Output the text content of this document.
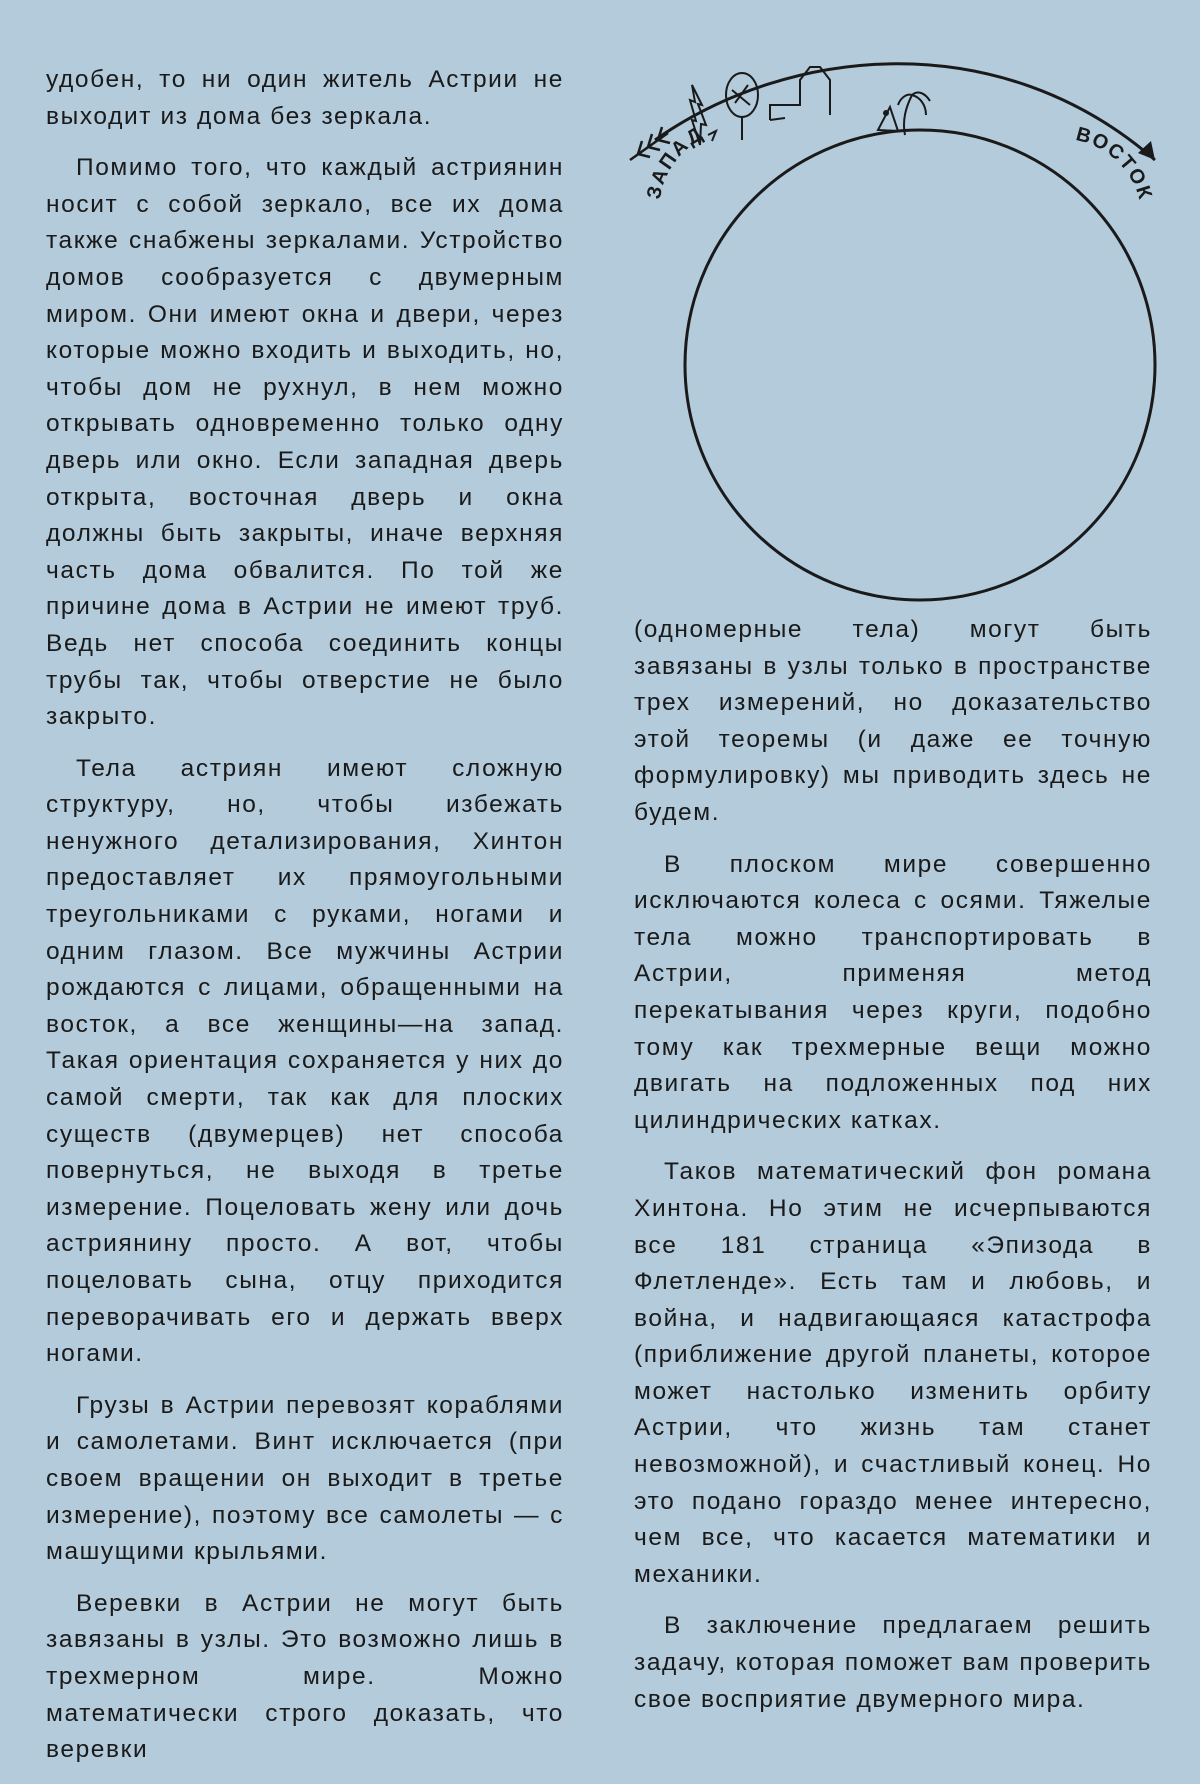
удобен, то ни один житель Астрии не выходит из дома без зеркала.

Помимо того, что каждый астриянин носит с собой зеркало, все их дома также снабжены зеркалами. Устройство домов сообразуется с двумерным миром. Они имеют окна и двери, через которые можно входить и выходить, но, чтобы дом не рухнул, в нем можно открывать одновременно только одну дверь или окно. Если западная дверь открыта, восточная дверь и окна должны быть закрыты, иначе верхняя часть дома обвалится. По той же причине дома в Астрии не имеют труб. Ведь нет способа соединить концы трубы так, чтобы отверстие не было закрыто.

Тела астриян имеют сложную структуру, но, чтобы избежать ненужного детализирования, Хинтон предоставляет их прямоугольными треугольниками с руками, ногами и одним глазом. Все мужчины Астрии рождаются с лицами, обращенными на восток, а все женщины—на запад. Такая ориентация сохраняется у них до самой смерти, так как для плоских существ (двумерцев) нет способа повернуться, не выходя в третье измерение. Поцеловать жену или дочь астриянину просто. А вот, чтобы поцеловать сына, отцу приходится переворачивать его и держать вверх ногами.

Грузы в Астрии перевозят кораблями и самолетами. Винт исключается (при своем вращении он выходит в третье измерение), поэтому все самолеты — с машущими крыльями.

Веревки в Астрии не могут быть завязаны в узлы. Это возможно лишь в трехмерном мире. Можно математически строго доказать, что веревки

ЗАПАД	ВОСТОК

(одномерные тела) могут быть завязаны в узлы только в пространстве трех измерений, но доказательство этой теоремы (и даже ее точную формулировку) мы приводить здесь не будем.

В плоском мире совершенно исключаются колеса с осями. Тяжелые тела можно транспортировать в Астрии, применяя метод перекатывания через круги, подобно тому как трехмерные вещи можно двигать на подложенных под них цилиндрических катках.

Таков математический фон романа Хинтона. Но этим не исчерпываются все 181 страница «Эпизода в Флетленде». Есть там и любовь, и война, и надвигающаяся катастрофа (приближение другой планеты, которое может настолько изменить орбиту Астрии, что жизнь там станет невозможной), и счастливый конец. Но это подано гораздо менее интересно, чем все, что касается математики и механики.

В заключение предлагаем решить задачу, которая поможет вам проверить свое восприятие двумерного мира.
